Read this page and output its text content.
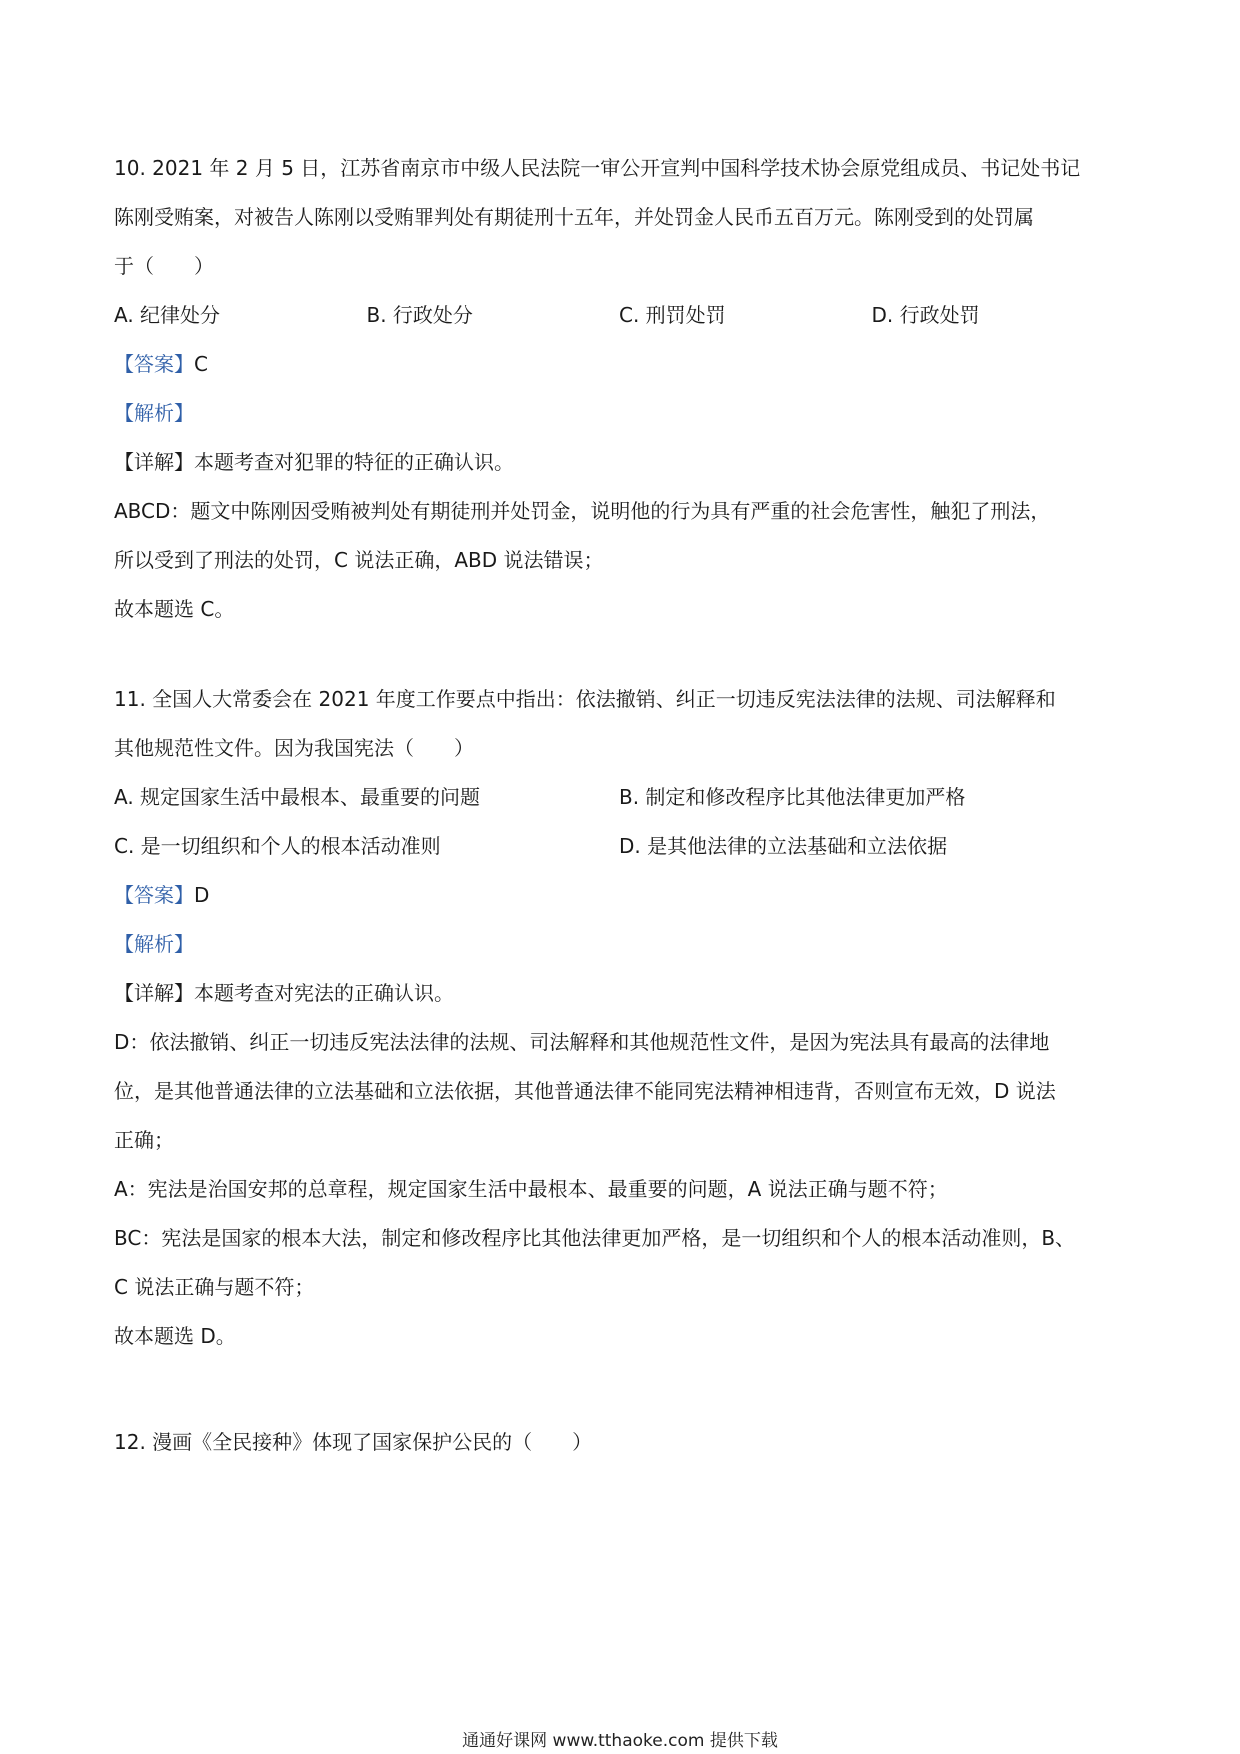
10. 2021 年 2 月 5 日，江苏省南京市中级人民法院一审公开宣判中国科学技术协会原党组成员、书记处书记
陈刚受贿案，对被告人陈刚以受贿罪判处有期徒刑十五年，并处罚金人民币五百万元。陈刚受到的处罚属
于（　　）
A. 纪律处分	B. 行政处分	C. 刑罚处罚	D. 行政处罚
【答案】C
【解析】
【详解】本题考查对犯罪的特征的正确认识。
ABCD：题文中陈刚因受贿被判处有期徒刑并处罚金，说明他的行为具有严重的社会危害性，触犯了刑法，
所以受到了刑法的处罚，C 说法正确，ABD 说法错误；
故本题选 C。
11. 全国人大常委会在 2021 年度工作要点中指出：依法撤销、纠正一切违反宪法法律的法规、司法解释和
其他规范性文件。因为我国宪法（　　）
A. 规定国家生活中最根本、最重要的问题	B. 制定和修改程序比其他法律更加严格
C. 是一切组织和个人的根本活动准则	D. 是其他法律的立法基础和立法依据
【答案】D
【解析】
【详解】本题考查对宪法的正确认识。
D：依法撤销、纠正一切违反宪法法律的法规、司法解释和其他规范性文件，是因为宪法具有最高的法律地
位，是其他普通法律的立法基础和立法依据，其他普通法律不能同宪法精神相违背，否则宣布无效，D 说法
正确；
A：宪法是治国安邦的总章程，规定国家生活中最根本、最重要的问题，A 说法正确与题不符；
BC：宪法是国家的根本大法，制定和修改程序比其他法律更加严格，是一切组织和个人的根本活动准则，B、
C 说法正确与题不符；
故本题选 D。
12. 漫画《全民接种》体现了国家保护公民的（　　）
通通好课网 www.tthaoke.com 提供下载
